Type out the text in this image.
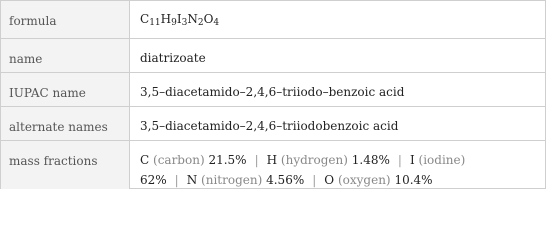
formula	$C_{11}H_9I_3N_2O_4$
name	diatrizoate
IUPAC name	3,5–diacetamido–2,4,6–triiodo–benzoic acid
alternate names	3,5–diacetamido–2,4,6–triiodobenzoic acid
mass fractions	C (carbon) 21.5% | H (hydrogen) 1.48% | I (iodine)
62% | N (nitrogen) 4.56% | O (oxygen) 10.4%
